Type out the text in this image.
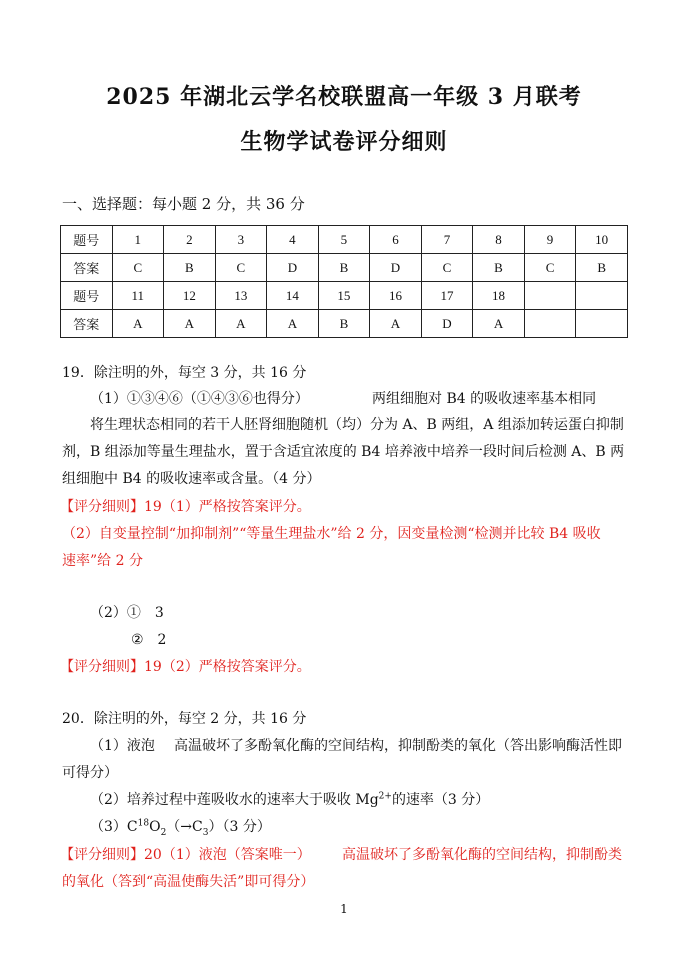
2025 年湖北云学名校联盟高一年级 3 月联考
生物学试卷评分细则
一、选择题：每小题 2 分，共 36 分
题号	1	2	3	4	5	6	7	8	9	10
答案	C	B	C	D	B	D	C	B	C	B
题号	11	12	13	14	15	16	17	18		
答案	A	A	A	A	B	A	D	A		
19．除注明的外，每空 3 分，共 16 分
（1）①③④⑥（①④③⑥也得分）	两组细胞对 B4 的吸收速率基本相同
将生理状态相同的若干人胚肾细胞随机（均）分为 A、B 两组，A 组添加转运蛋白抑制剂，B 组添加等量生理盐水，置于含适宜浓度的 B4 培养液中培养一段时间后检测 A、B 两组细胞中 B4 的吸收速率或含量。（4 分）
【评分细则】19（1）严格按答案评分。
（2）自变量控制“加抑制剂”“等量生理盐水”给 2 分，因变量检测“检测并比较 B4 吸收
速率”给 2 分
（2）①　3
②　2
【评分细则】19（2）严格按答案评分。
20．除注明的外，每空 2 分，共 16 分
（1）液泡 高温破坏了多酚氧化酶的空间结构，抑制酚类的氧化（答出影响酶活性即
可得分）
（2）培养过程中莲吸收水的速率大于吸收 $Mg^{2+}$的速率（3 分）
$(3)C^{18}O_2(\to C_3)(3$ 分）
【评分细则】20（1）液泡（答案唯一） 高温破坏了多酚氧化酶的空间结构，抑制酚类
的氧化（答到“高温使酶失活”即可得分）
1
